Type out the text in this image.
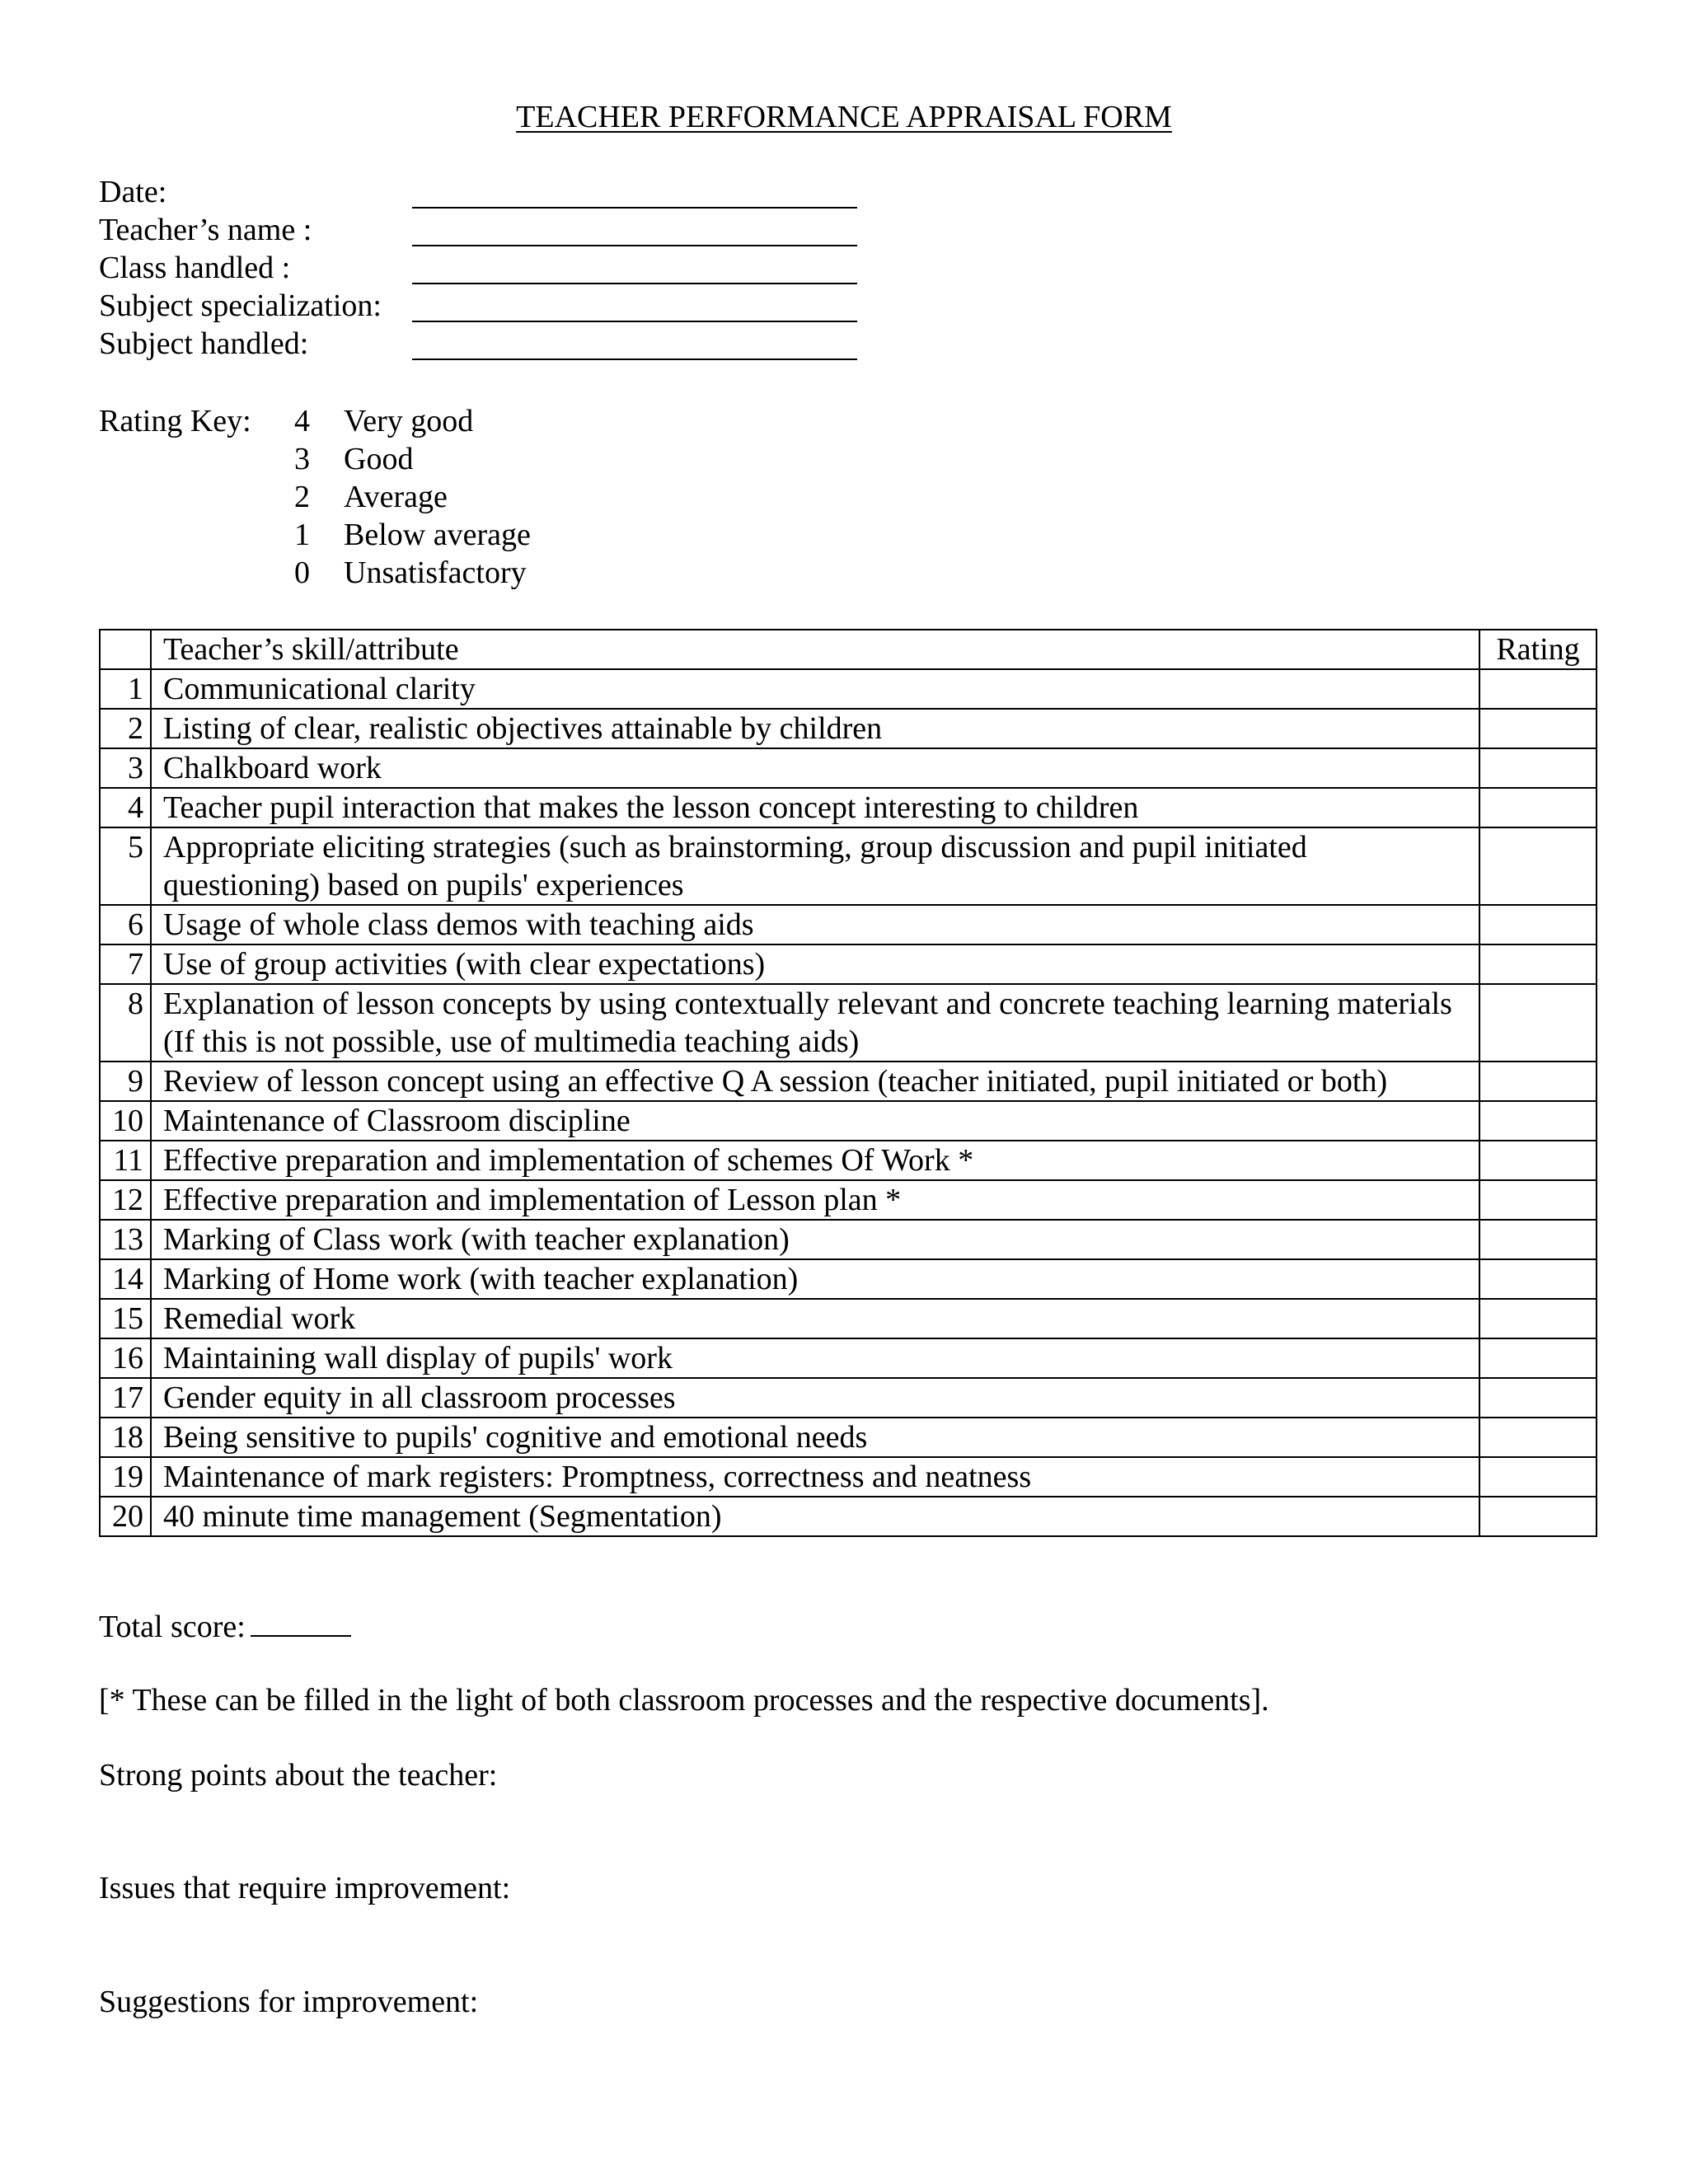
TEACHER PERFORMANCE APPRAISAL FORM
Date:
Teacher’s name :
Class handled :
Subject specialization:
Subject handled:
Rating Key: 4 Very good
3 Good
2 Average
1 Below average
0 Unsatisfactory
	Teacher’s skill/attribute	Rating
1	Communicational clarity	
2	Listing of clear, realistic objectives attainable by children	
3	Chalkboard work	
4	Teacher pupil interaction that makes the lesson concept interesting to children	
5	Appropriate eliciting strategies (such as brainstorming, group discussion and pupil initiated questioning) based on pupils' experiences	
6	Usage of whole class demos with teaching aids	
7	Use of group activities (with clear expectations)	
8	Explanation of lesson concepts by using contextually relevant and concrete teaching learning materials (If this is not possible, use of multimedia teaching aids)	
9	Review of lesson concept using an effective Q A session (teacher initiated, pupil initiated or both)	
10	Maintenance of Classroom discipline	
11	Effective preparation and implementation of schemes Of Work *	
12	Effective preparation and implementation of Lesson plan *	
13	Marking of Class work (with teacher explanation)	
14	Marking of Home work (with teacher explanation)	
15	Remedial work	
16	Maintaining wall display of pupils' work	
17	Gender equity in all classroom processes	
18	Being sensitive to pupils' cognitive and emotional needs	
19	Maintenance of mark registers: Promptness, correctness and neatness	
20	40 minute time management (Segmentation)	
Total score:
[* These can be filled in the light of both classroom processes and the respective documents].
Strong points about the teacher:
Issues that require improvement:
Suggestions for improvement:
